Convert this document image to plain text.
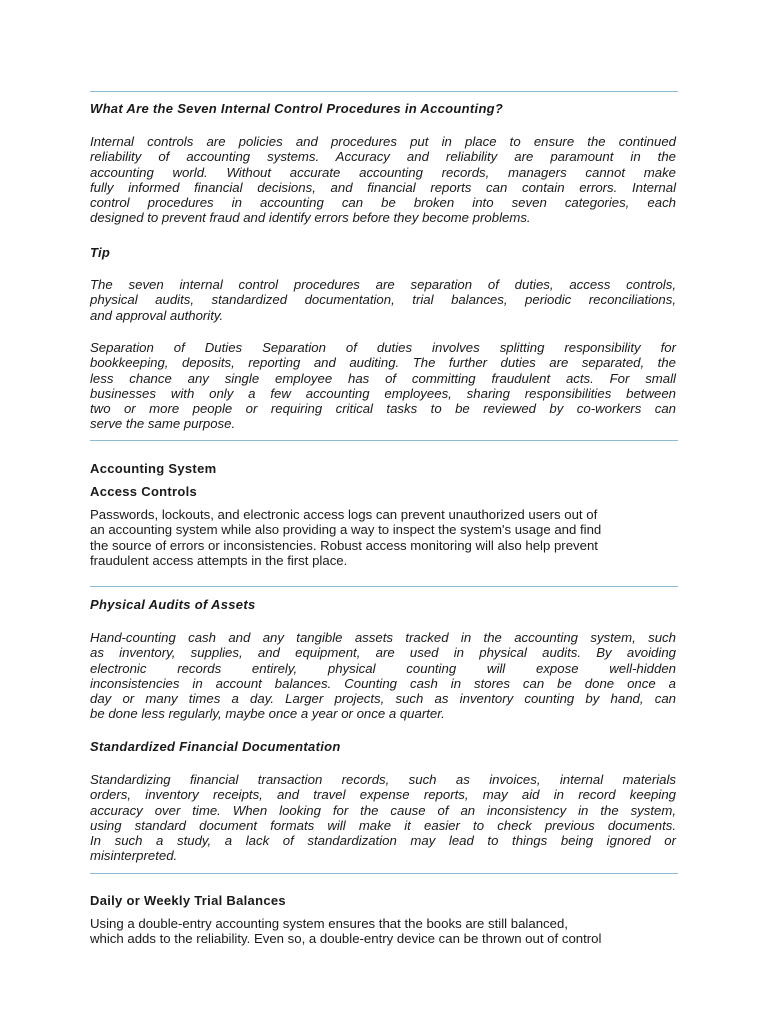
What Are the Seven Internal Control Procedures in Accounting?
Internal controls are policies and procedures put in place to ensure the continued
reliability of accounting systems. Accuracy and reliability are paramount in the
accounting world. Without accurate accounting records, managers cannot make
fully informed financial decisions, and financial reports can contain errors. Internal
control procedures in accounting can be broken into seven categories, each
designed to prevent fraud and identify errors before they become problems.
Tip
The seven internal control procedures are separation of duties, access controls,
physical audits, standardized documentation, trial balances, periodic reconciliations,
and approval authority.
Separation of Duties Separation of duties involves splitting responsibility for
bookkeeping, deposits, reporting and auditing. The further duties are separated, the
less chance any single employee has of committing fraudulent acts. For small
businesses with only a few accounting employees, sharing responsibilities between
two or more people or requiring critical tasks to be reviewed by co-workers can
serve the same purpose.
Accounting System
Access Controls
Passwords, lockouts, and electronic access logs can prevent unauthorized users out of
an accounting system while also providing a way to inspect the system's usage and find
the source of errors or inconsistencies. Robust access monitoring will also help prevent
fraudulent access attempts in the first place.
Physical Audits of Assets
Hand-counting cash and any tangible assets tracked in the accounting system, such
as inventory, supplies, and equipment, are used in physical audits. By avoiding
electronic records entirely, physical counting will expose well-hidden
inconsistencies in account balances. Counting cash in stores can be done once a
day or many times a day. Larger projects, such as inventory counting by hand, can
be done less regularly, maybe once a year or once a quarter.
Standardized Financial Documentation
Standardizing financial transaction records, such as invoices, internal materials
orders, inventory receipts, and travel expense reports, may aid in record keeping
accuracy over time. When looking for the cause of an inconsistency in the system,
using standard document formats will make it easier to check previous documents.
In such a study, a lack of standardization may lead to things being ignored or
misinterpreted.
Daily or Weekly Trial Balances
Using a double-entry accounting system ensures that the books are still balanced,
which adds to the reliability. Even so, a double-entry device can be thrown out of control
